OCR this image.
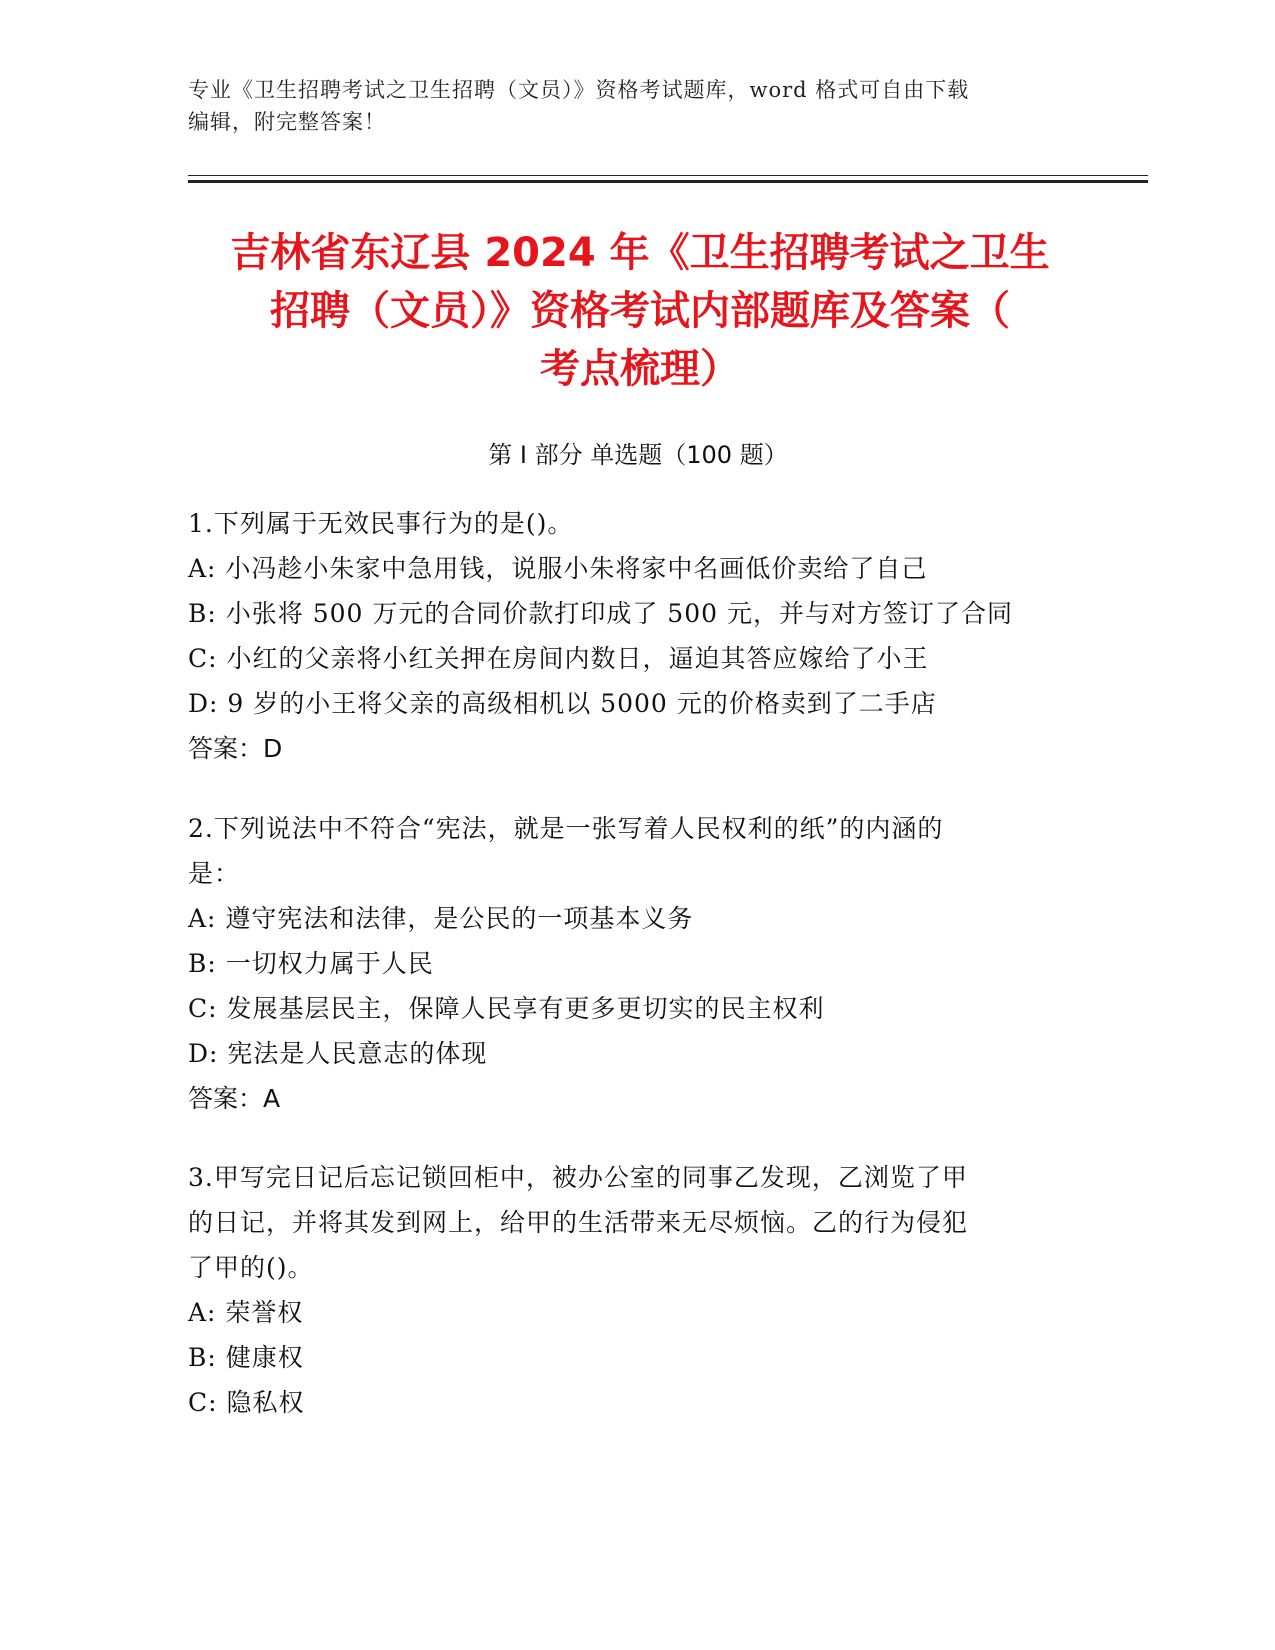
专业《卫生招聘考试之卫生招聘（文员）》资格考试题库，word 格式可自由下载
编辑，附完整答案！
吉林省东辽县 2024 年《卫生招聘考试之卫生
招聘（文员）》资格考试内部题库及答案（
考点梳理）
第 I 部分 单选题（100 题）
1.下列属于无效民事行为的是()。
A: 小冯趁小朱家中急用钱，说服小朱将家中名画低价卖给了自己
B: 小张将 500 万元的合同价款打印成了 500 元，并与对方签订了合同
C: 小红的父亲将小红关押在房间内数日，逼迫其答应嫁给了小王
D: 9 岁的小王将父亲的高级相机以 5000 元的价格卖到了二手店
答案：D
2.下列说法中不符合“宪法，就是一张写着人民权利的纸”的内涵的
是：
A: 遵守宪法和法律，是公民的一项基本义务
B: 一切权力属于人民
C: 发展基层民主，保障人民享有更多更切实的民主权利
D: 宪法是人民意志的体现
答案：A
3.甲写完日记后忘记锁回柜中，被办公室的同事乙发现，乙浏览了甲
的日记，并将其发到网上，给甲的生活带来无尽烦恼。乙的行为侵犯
了甲的()。
A: 荣誉权
B: 健康权
C: 隐私权
